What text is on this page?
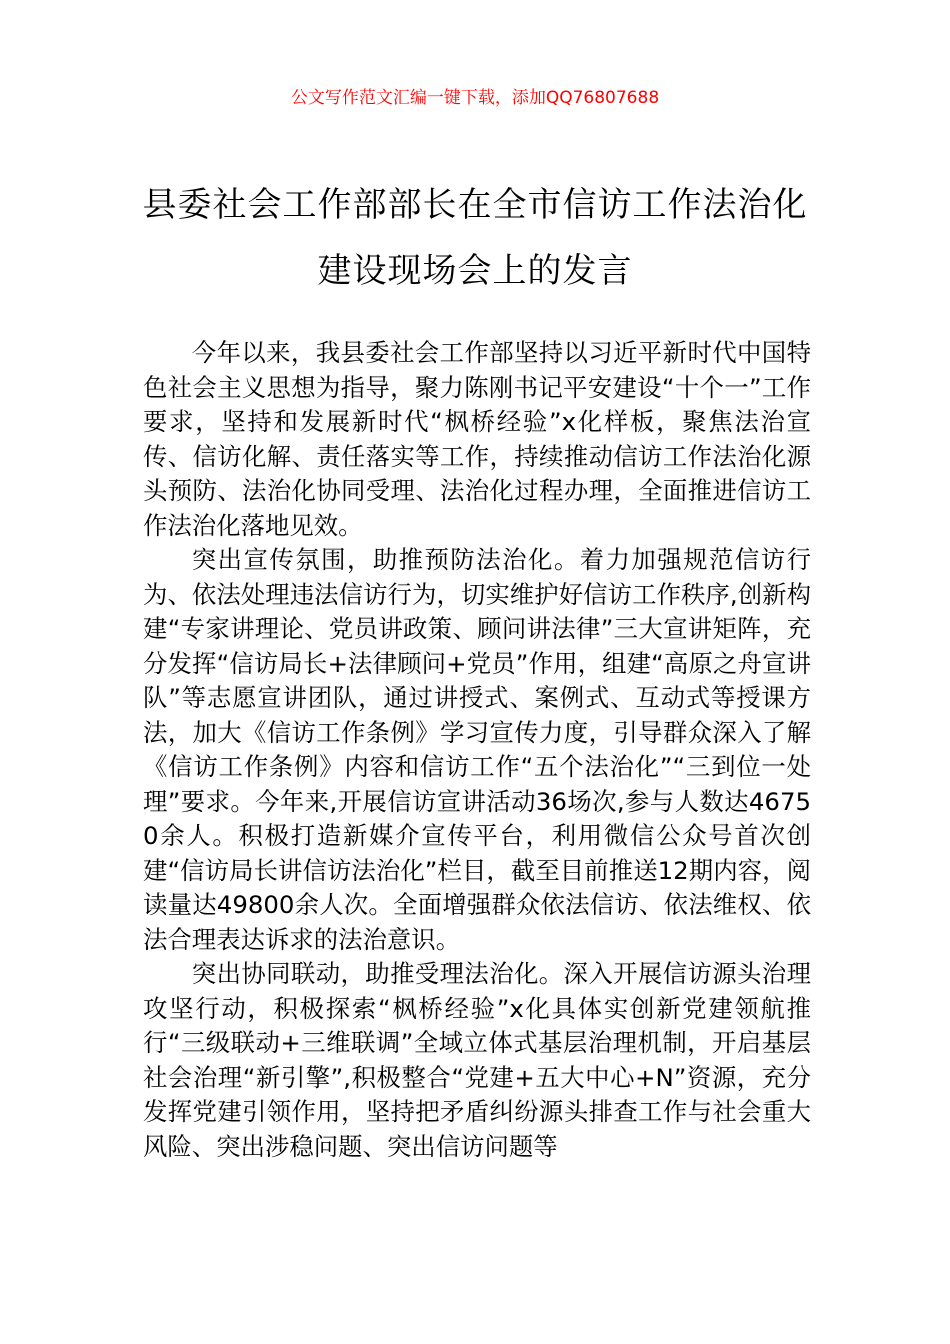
公文写作范文汇编一键下载，添加QQ76807688
县委社会工作部部长在全市信访工作法治化建设现场会上的发言

今年以来，我县委社会工作部坚持以习近平新时代中国特色社会主义思想为指导，聚力陈刚书记平安建设“十个一”工作要求，坚持和发展新时代“枫桥经验”x化样板，聚焦法治宣传、信访化解、责任落实等工作，持续推动信访工作法治化源头预防、法治化协同受理、法治化过程办理，全面推进信访工作法治化落地见效。

突出宣传氛围，助推预防法治化。着力加强规范信访行为、依法处理违法信访行为，切实维护好信访工作秩序,创新构建“专家讲理论、党员讲政策、顾问讲法律”三大宣讲矩阵，充分发挥“信访局长+法律顾问+党员”作用，组建“高原之舟宣讲队”等志愿宣讲团队，通过讲授式、案例式、互动式等授课方法，加大《信访工作条例》学习宣传力度，引导群众深入了解《信访工作条例》内容和信访工作“五个法治化”“三到位一处理”要求。今年来,开展信访宣讲活动36场次,参与人数达46750余人。积极打造新媒介宣传平台，利用微信公众号首次创建“信访局长讲信访法治化”栏目，截至目前推送12期内容，阅读量达49800余人次。全面增强群众依法信访、依法维权、依法合理表达诉求的法治意识。

突出协同联动，助推受理法治化。深入开展信访源头治理攻坚行动，积极探索“枫桥经验”x化具体实创新党建领航推行“三级联动+三维联调”全域立体式基层治理机制，开启基层社会治理“新引擎”,积极整合“党建+五大中心+N”资源，充分发挥党建引领作用，坚持把矛盾纠纷源头排查工作与社会重大风险、突出涉稳问题、突出信访问题等
